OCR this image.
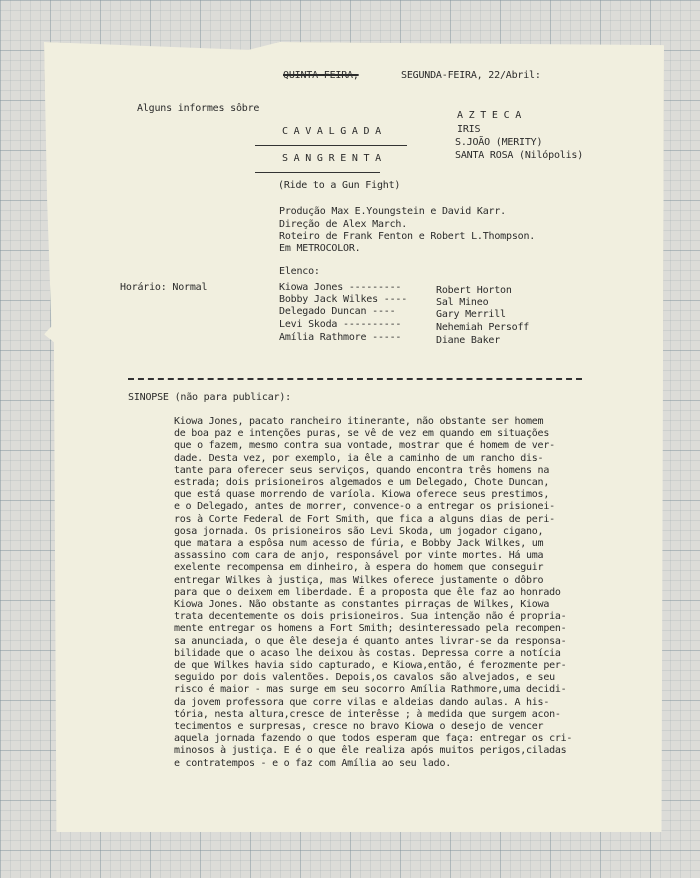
QUINTA-FEIRA,	SEGUNDA-FEIRA, 22/Abril:
Alguns informes sôbre
C A V A L G A D A
S A N G R E N T A
(Ride to a Gun Fight)
A Z T E C A
IRIS
S.JOÃO (MERITY)
SANTA ROSA (Nilópolis)
Produção Max E.Youngstein e David Karr.
Direção de Alex March.
Roteiro de Frank Fenton e Robert L.Thompson.
Em METROCOLOR.
Elenco:
Horário: Normal	Kiowa Jones ---------	Robert Horton
Bobby Jack Wilkes ----	Sal Mineo
Delegado Duncan ----	Gary Merrill
Levi Skoda ----------	Nehemiah Persoff
Amília Rathmore -----	Diane Baker
SINOPSE (não para publicar):
Kiowa Jones, pacato rancheiro itinerante, não obstante ser homem
de boa paz e intenções puras, se vê de vez em quando em situações
que o fazem, mesmo contra sua vontade, mostrar que é homem de ver-
dade. Desta vez, por exemplo, ia êle a caminho de um rancho dis-
tante para oferecer seus serviços, quando encontra três homens na
estrada; dois prisioneiros algemados e um Delegado, Chote Duncan,
que está quase morrendo de varíola. Kiowa oferece seus prestimos,
e o Delegado, antes de morrer, convence-o a entregar os prisionei-
ros à Corte Federal de Fort Smith, que fica a alguns dias de peri-
gosa jornada. Os prisioneiros são Levi Skoda, um jogador cigano,
que matara a espôsa num acesso de fúria, e Bobby Jack Wilkes, um
assassino com cara de anjo, responsável por vinte mortes. Há uma
exelente recompensa em dinheiro, à espera do homem que conseguir
entregar Wilkes à justiça, mas Wilkes oferece justamente o dôbro
para que o deixem em liberdade. É a proposta que êle faz ao honrado
Kiowa Jones. Não obstante as constantes pirraças de Wilkes, Kiowa
trata decentemente os dois prisioneiros. Sua intenção não é propria-
mente entregar os homens a Fort Smith; desinteressado pela recompen-
sa anunciada, o que êle deseja é quanto antes livrar-se da responsa-
bilidade que o acaso lhe deixou às costas. Depressa corre a notícia
de que Wilkes havia sido capturado, e Kiowa,então, é ferozmente per-
seguido por dois valentões. Depois,os cavalos são alvejados, e seu
risco é maior - mas surge em seu socorro Amília Rathmore,uma decidi-
da jovem professora que corre vilas e aldeias dando aulas. A his-
tória, nesta altura,cresce de interêsse ; à medida que surgem acon-
tecimentos e surpresas, cresce no bravo Kiowa o desejo de vencer
aquela jornada fazendo o que todos esperam que faça: entregar os cri-
minosos à justiça. E é o que êle realiza após muitos perigos,ciladas
e contratempos - e o faz com Amília ao seu lado.
